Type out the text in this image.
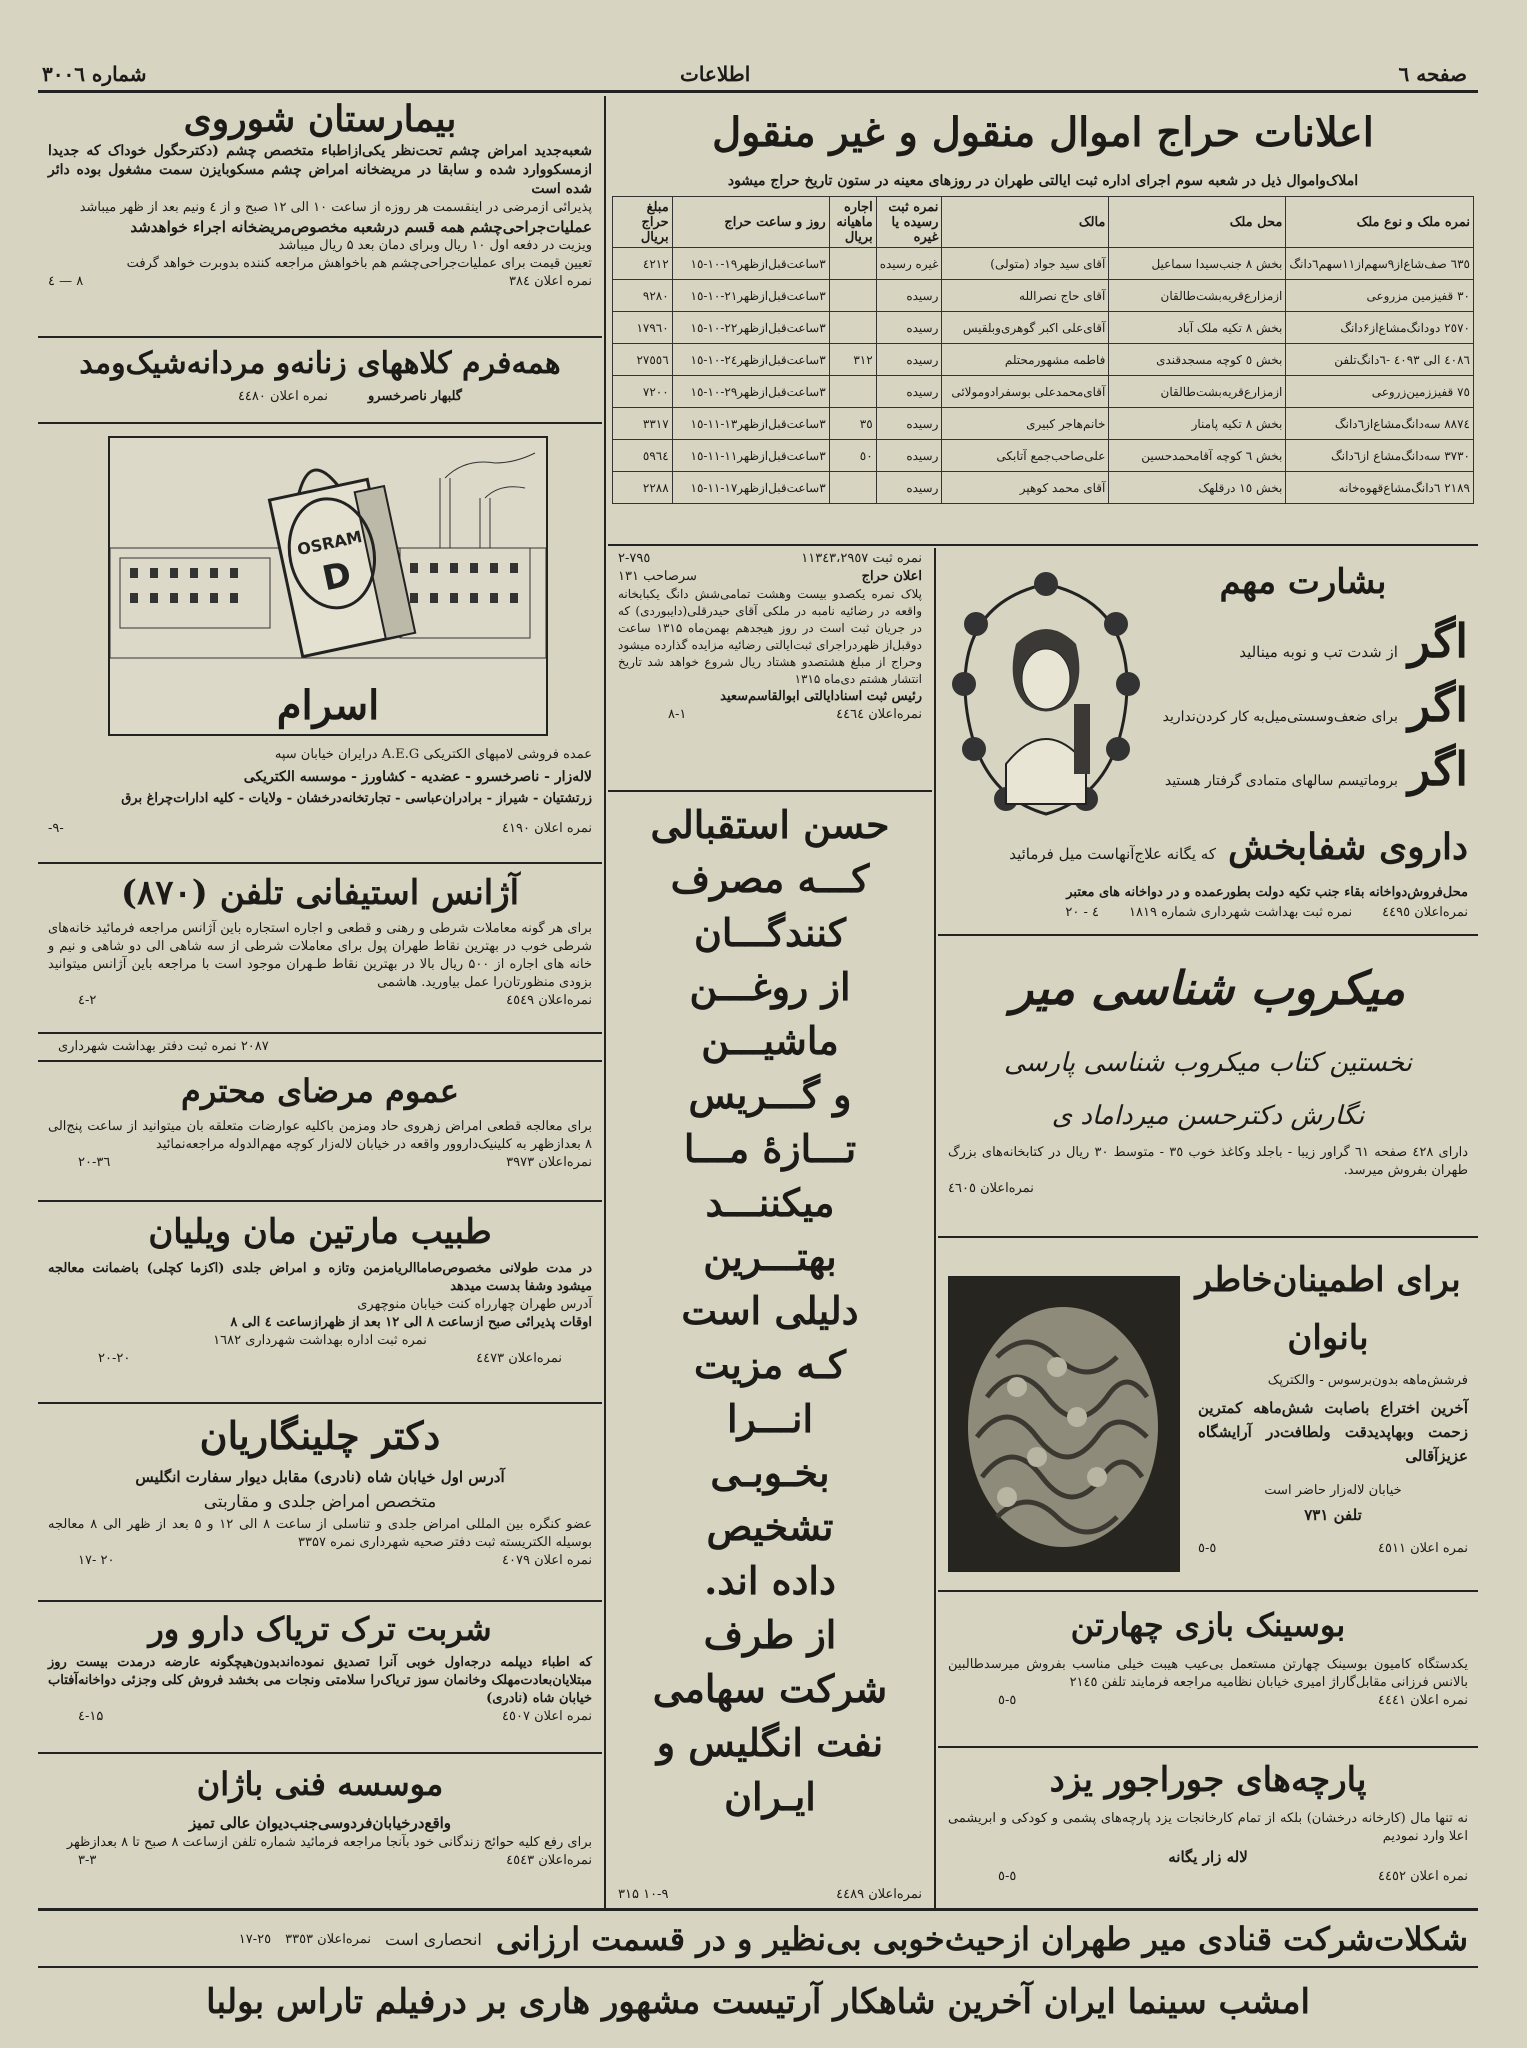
صفحه ٦
اطلاعات
شماره ۳۰۰٦
بیمارستان شوروی
شعبه‌جدید امراض چشم تحت‌نظر یکی‌ازاطباء متخصص چشم (دکترحگول خوداک که جدیدا ازمسکووارد شده و سابقا در مریضخانه امراض چشم مسکوبایزن سمت مشغول بوده دائر شده است
پذیرائی ازمرضی در اینقسمت هر روزه از ساعت ۱۰ الی ۱۲ صبح و از ٤ ونیم بعد از ظهر میباشد
عملیات‌جراحی‌چشم همه قسم درشعبه مخصوص‌مریضخانه اجراء خواهدشد
ویزیت در دفعه اول ۱۰ ریال وبرای دمان بعد ۵ ریال میباشد
تعیین قیمت برای عملیات‌جراحی‌چشم هم باخواهش مراجعه کننده بدوبرت خواهد گرفت
نمره اعلان ۳۸٤
٨ — ٤
همه‌فرم کلاههای زنانه‌و مردانه‌شیک‌ومد
گلبهار ناصرخسرو
نمره اعلان ٤٤٨٠
OSRAM
D
اسرام
عمده فروشی لامپهای الکتریکی A.E.G درایران خیابان سپه
لاله‌زار - ناصرخسرو - عضدیه - کشاورز - موسسه الکتریکی
زرتشتیان - شیراز - برادران‌عباسی - تجارتخانه‌درخشان - ولایات - کلیه ادارات‌چراغ برق
نمره اعلان ٤١٩٠
-٩-
آژانس استیفانی تلفن (۸۷۰)
برای هر گونه معاملات شرطی و رهنی و قطعی و اجاره استجاره باین آژانس مراجعه فرمائید خانه‌های شرطی خوب در بهترین نقاط طهران پول برای معاملات شرطی از سه شاهی الی دو شاهی و نیم و خانه های اجاره از ۵۰۰ ریال بالا در بهترین نقاط طـهران موجود است با مراجعه باین آژانس میتوانید بزودی منظورتان‌را عمل بیاورید. هاشمی
نمره‌اعلان ٤٥٤٩
٢-٤
۲۰۸۷ نمره ثبت دفتر بهداشت شهرداری
عموم مرضای محترم
برای معالجه قطعی امراض زهروی حاد ومزمن باکلیه عوارضات متعلقه بان میتوانید از ساعت پنج‌الی ۸ بعدازظهر به کلینیک‌داروور واقعه در خیابان لاله‌زار کوچه مهم‌الدوله مراجعه‌نمائید
نمره‌اعلان ۳۹۷۳
۳٦-۲۰
طبیب مارتین مان ویلیان
در مدت طولانی مخصوص‌صاماالریامزمن وتازه و امراض جلدی (اکزما کچلی) باضمانت معالجه میشود وشفا بدست میدهد
آدرس طهران چهارراه کنت خیابان منوچهری
اوقات پذیرائی صبح ازساعت ۸ الی ۱۲ بعد از ظهرازساعت ٤ الی ۸
نمره ثبت اداره بهداشت شهرداری ۱٦٨٢
نمره‌اعلان ٤٤٧٣
۲۰-۲۰
دکتر چلینگاریان
آدرس اول خیابان شاه (نادری) مقابل دیوار سفارت انگلیس
متخصص امراض جلدی و مقاربتی
عضو کنگره بین المللی امراض جلدی و تناسلی از ساعت ۸ الی ۱۲ و ۵ بعد از ظهر الی ۸ معالجه بوسیله الکتریسته ثبت دفتر صحیه شهرداری نمره ۳۳۵۷
نمره اعلان ٤٠٧٩
۲۰ -۱۷
شربت ترک تریاک دارو ور
که اطباء دیپلمه درجه‌اول خوبی آنرا تصدیق نموده‌اندبدون‌هیچگونه عارضه درمدت بیست روز مبتلایان‌بعادت‌مهلک وخانمان سوز تریاک‌را سلامتی ونجات می بخشد فروش کلی وجزئی دواخانه‌آفتاب خیابان شاه (نادری)
نمره اعلان ٤٥٠٧
۱۵-٤
موسسه فنی باژان
واقع‌درخیابان‌فردوسی‌جنب‌دیوان عالی تمیز
برای رفع کلیه حوائج زندگانی خود بآنجا مراجعه فرمائید شماره تلفن ازساعت ۸ صبح تا ۸ بعدازظهر
نمره‌اعلان ٤٥٤٣
۳-۳
اعلانات حراج اموال منقول و غیر منقول
املاک‌واموال ذیل در شعبه سوم اجرای اداره ثبت ایالتی طهران در روزهای معینه در ستون تاریخ حراج میشود
نمره ملک و نوع ملک	محل ملک	مالک	نمره ثبت رسیده یا غیره	اجاره ماهیانه بریال	روز و ساعت حراج	مبلغ حراج بریال
٦٣٥ صف‌شاع‌از٩سهم‌از١١سهم٦دانگ	بخش ۸ جنب‌سیدا سماعیل	آقای سید جواد (متولی)	غیره رسیده		٣ساعت‌قبل‌از‌ظهر١٩-١٠-١٥	٤٢١٢
٣٠ قفیزمین مزروعی	ازمزارع‌قریه‌بشت‌طالقان	آقای حاج نصرالله	رسیده		٣ساعت‌قبل‌ازظهر٢١-١٠-١٥	٩٢٨٠
٢٥٧٠ دودانگ‌مشاع‌از۶دانگ	بخش ۸ تکیه ملک آباد	آقای‌علی اکبر گوهری‌وبلقیس	رسیده		٣ساعت‌قبل‌ازظهر٢٢-١٠-١٥	١٧٩٦٠
٤٠٨٦ الی ٤٠٩٣ -٦دانگ‌تلفن	بخش ٥ کوچه مسجدقندی	فاطمه مشهورمحتلم	رسیده	٣١٢	٣ساعت‌قبل‌ازظهر٢٤-١٠-١٥	٢٧٥٥٦
٧٥ قفیززمین‌زروعی	ازمزارع‌قریه‌بشت‌طالقان	آقای‌محمدعلی بوسفرادومولائی	رسیده		٣ساعت‌قبل‌ازظهر٢٩-١٠-١٥	٧٢٠٠
٨٨٧٤ سه‌دانگ‌مشاع‌از٦دانگ	بخش ٨ تکیه پامنار	خانم‌هاجر کبیری	رسیده	٣٥	٣ساعت‌قبل‌ازظهر١٣-١١-١٥	٣٣١٧
٣٧٣٠ سه‌دانگ‌مشاع از٦دانگ	بخش ٦ کوچه آقامحمدحسین	علی‌صاحب‌جمع آتابکی	رسیده	٥٠	٣ساعت‌قبل‌ازظهر١١-١١-١٥	٥٩٦٤
٢١٨٩ ٦دانگ‌مشاع‌قهوه‌خانه	بخش ١٥ درقلهک	آقای محمد کوهپر	رسیده		٣ساعت‌قبل‌ازظهر١٧-١١-١٥	٢٢٨٨
نمره ثبت ١١٣٤٣،٢٩٥٧
٧٩٥-٢
اعلان حراج
سرصاحب ١٣١
پلاک نمره یکصدو بیست وهشت تمامی‌شش دانگ یکبابخانه واقعه در رضائیه نامبه در ملکی آقای حیدرقلی(دایبوردی) که در جریان ثبت است در روز هیجدهم بهمن‌ماه ۱۳۱۵ ساعت دوقبل‌از ظهردراجرای ثبت‌ایالتی رضائیه مزایده گذارده میشود وحراج از مبلغ هشتصدو هشتاد ریال شروع خواهد شد تاریخ انتشار هشتم دی‌ماه ۱۳۱۵
رئیس ثبت اسناد‌ایالتی ابوالقاسم‌سعید
نمره‌اعلان ٤٤٦٤
١-٨
حسن استقبالی
کـــه مصرف
کنندگـــان
از روغـــن
ماشیـــن
و گـــریس
تـــازهٔ مـــا
میکننـــد
بهتـــرین
دلیلی است
کـه مزیت
انـــرا
بخـوبـی
تشخیص
داده اند.
از طرف
شرکت سهامی
نفت انگلیس و
ایـران
نمره‌اعلان ٤٤٨٩
۱۰-۹ ۳۱۵
بشارت مهم
اگر
از شدت تب و نوبه مینالید
اگر
برای ضعف‌وسستی‌میل‌به کار کردن‌ندارید
اگر
بروماتیسم سالهای متمادی گرفتار هستید
داروی شفابخش
که یگانه علاج‌آنهاست میل فرمائید
محل‌فروش‌دواخانه بقاء جنب تکیه دولت بطورعمده و در دواخانه های معتبر
نمره‌اعلان ٤٤٩٥
نمره ثبت بهداشت شهرداری شماره ۱۸۱۹
٤ - ٢٠
میکروب شناسی میر
نخستین کتاب میکروب شناسی پارسی
نگارش دکترحسن میرداماد ی
دارای ٤٢٨ صفحه ٦١ گراور زیبا - باجلد وکاغذ خوب ٣٥ - متوسط ٣٠ ریال در کتابخانه‌های بزرگ طهران بفروش میرسد.
نمره‌اعلان ٤٦٠٥
برای اطمینان‌خاطر
بانوان
فرشش‌ماهه بدون‌برسوس - والکترپک
آخرین اختراع باصابت شش‌ماهه کمترین زحمت وبهاپدیدقت ولطافت‌در آرایشگاه عزیزآقالی
خیابان لاله‌زار حاضر است
تلفن ٧٣١
نمره اعلان ٤٥١١
٥-٥
بوسینک بازی چهارتن
یکدستگاه کامیون بوسینک چهارتن مستعمل بی‌عیب هیبت خیلی مناسب بفروش میرسدطالبین بالانس فرزانی مقابل‌گاراژ امیری خیابان نظامیه مراجعه فرمایند تلفن ٢١٤٥
نمره اعلان ٤٤٤١
٥-٥
پارچه‌های جوراجور یزد
نه تنها مال (کارخانه درخشان) بلکه از تمام کارخانجات یزد پارچه‌های پشمی و کودکی و ابریشمی اعلا وارد نمودیم
لاله زار یگانه
نمره اعلان ٤٤٥٢
٥-٥
شکلات‌شرکت قنادی میر طهران ازحیث‌خوبی بی‌نظیر و در قسمت ارزانی
انحصاری است
نمره‌اعلان ٣٣٥٣
٢٥-١٧
امشب سینما ایران آخرین شاهکار آرتیست مشهور هاری بر درفیلم تاراس بولبا
